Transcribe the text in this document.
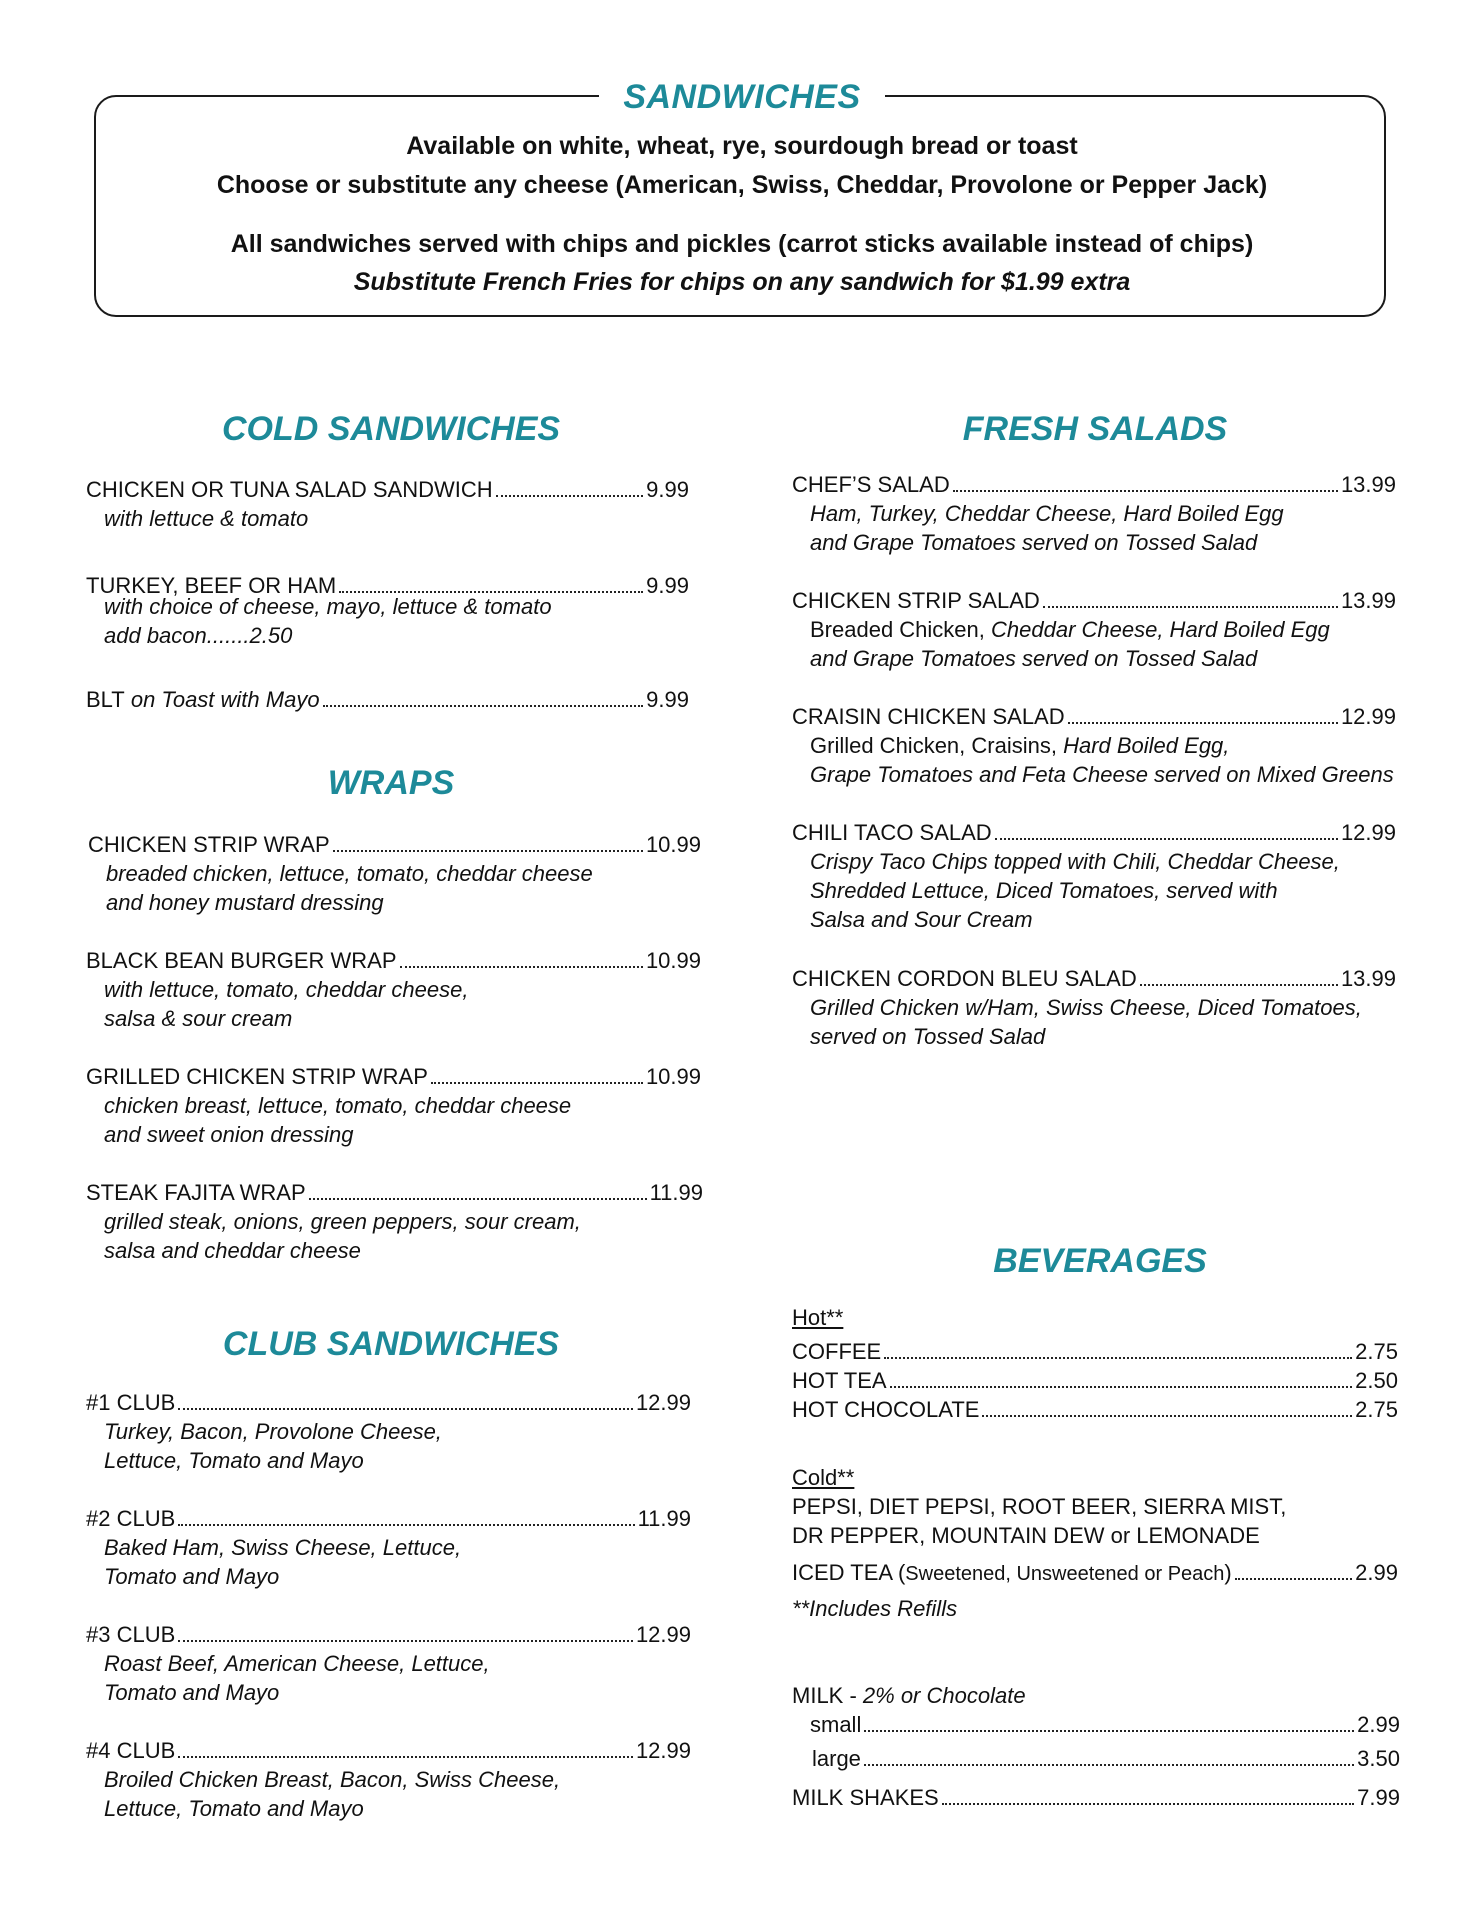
SANDWICHES
Available on white, wheat, rye, sourdough bread or toast
Choose or substitute any cheese (American, Swiss, Cheddar, Provolone or Pepper Jack)
All sandwiches served with chips and pickles (carrot sticks available instead of chips)
Substitute French Fries for chips on any sandwich for $1.99 extra
COLD SANDWICHES
CHICKEN OR TUNA SALAD SANDWICH	9.99
with lettuce & tomato
TURKEY, BEEF OR HAM	9.99
with choice of cheese, mayo, lettuce & tomato
add bacon.......2.50
BLT on Toast with Mayo	9.99
WRAPS
CHICKEN STRIP WRAP	10.99
breaded chicken, lettuce, tomato, cheddar cheese
and honey mustard dressing
BLACK BEAN BURGER WRAP	10.99
with lettuce, tomato, cheddar cheese,
salsa & sour cream
GRILLED CHICKEN STRIP WRAP	10.99
chicken breast, lettuce, tomato, cheddar cheese
and sweet onion dressing
STEAK FAJITA WRAP	11.99
grilled steak, onions, green peppers, sour cream,
salsa and cheddar cheese
CLUB SANDWICHES
#1 CLUB	12.99
Turkey, Bacon, Provolone Cheese,
Lettuce, Tomato and Mayo
#2 CLUB	11.99
Baked Ham, Swiss Cheese, Lettuce,
Tomato and Mayo
#3 CLUB	12.99
Roast Beef, American Cheese, Lettuce,
Tomato and Mayo
#4 CLUB	12.99
Broiled Chicken Breast, Bacon, Swiss Cheese,
Lettuce, Tomato and Mayo
FRESH SALADS
CHEF’S SALAD	13.99
Ham, Turkey, Cheddar Cheese, Hard Boiled Egg
and Grape Tomatoes served on Tossed Salad
CHICKEN STRIP SALAD	13.99
Breaded Chicken, Cheddar Cheese, Hard Boiled Egg
and Grape Tomatoes served on Tossed Salad
CRAISIN CHICKEN SALAD	12.99
Grilled Chicken, Craisins, Hard Boiled Egg,
Grape Tomatoes and Feta Cheese served on Mixed Greens
CHILI TACO SALAD	12.99
Crispy Taco Chips topped with Chili, Cheddar Cheese,
Shredded Lettuce, Diced Tomatoes, served with
Salsa and Sour Cream
CHICKEN CORDON BLEU SALAD	13.99
Grilled Chicken w/Ham, Swiss Cheese, Diced Tomatoes,
served on Tossed Salad
BEVERAGES
Hot**
COFFEE	2.75
HOT TEA	2.50
HOT CHOCOLATE	2.75
Cold**
PEPSI, DIET PEPSI, ROOT BEER, SIERRA MIST,
DR PEPPER, MOUNTAIN DEW or LEMONADE
ICED TEA (Sweetened, Unsweetened or Peach)	2.99
**Includes Refills
MILK - 2% or Chocolate
small	2.99
large	3.50
MILK SHAKES	7.99
